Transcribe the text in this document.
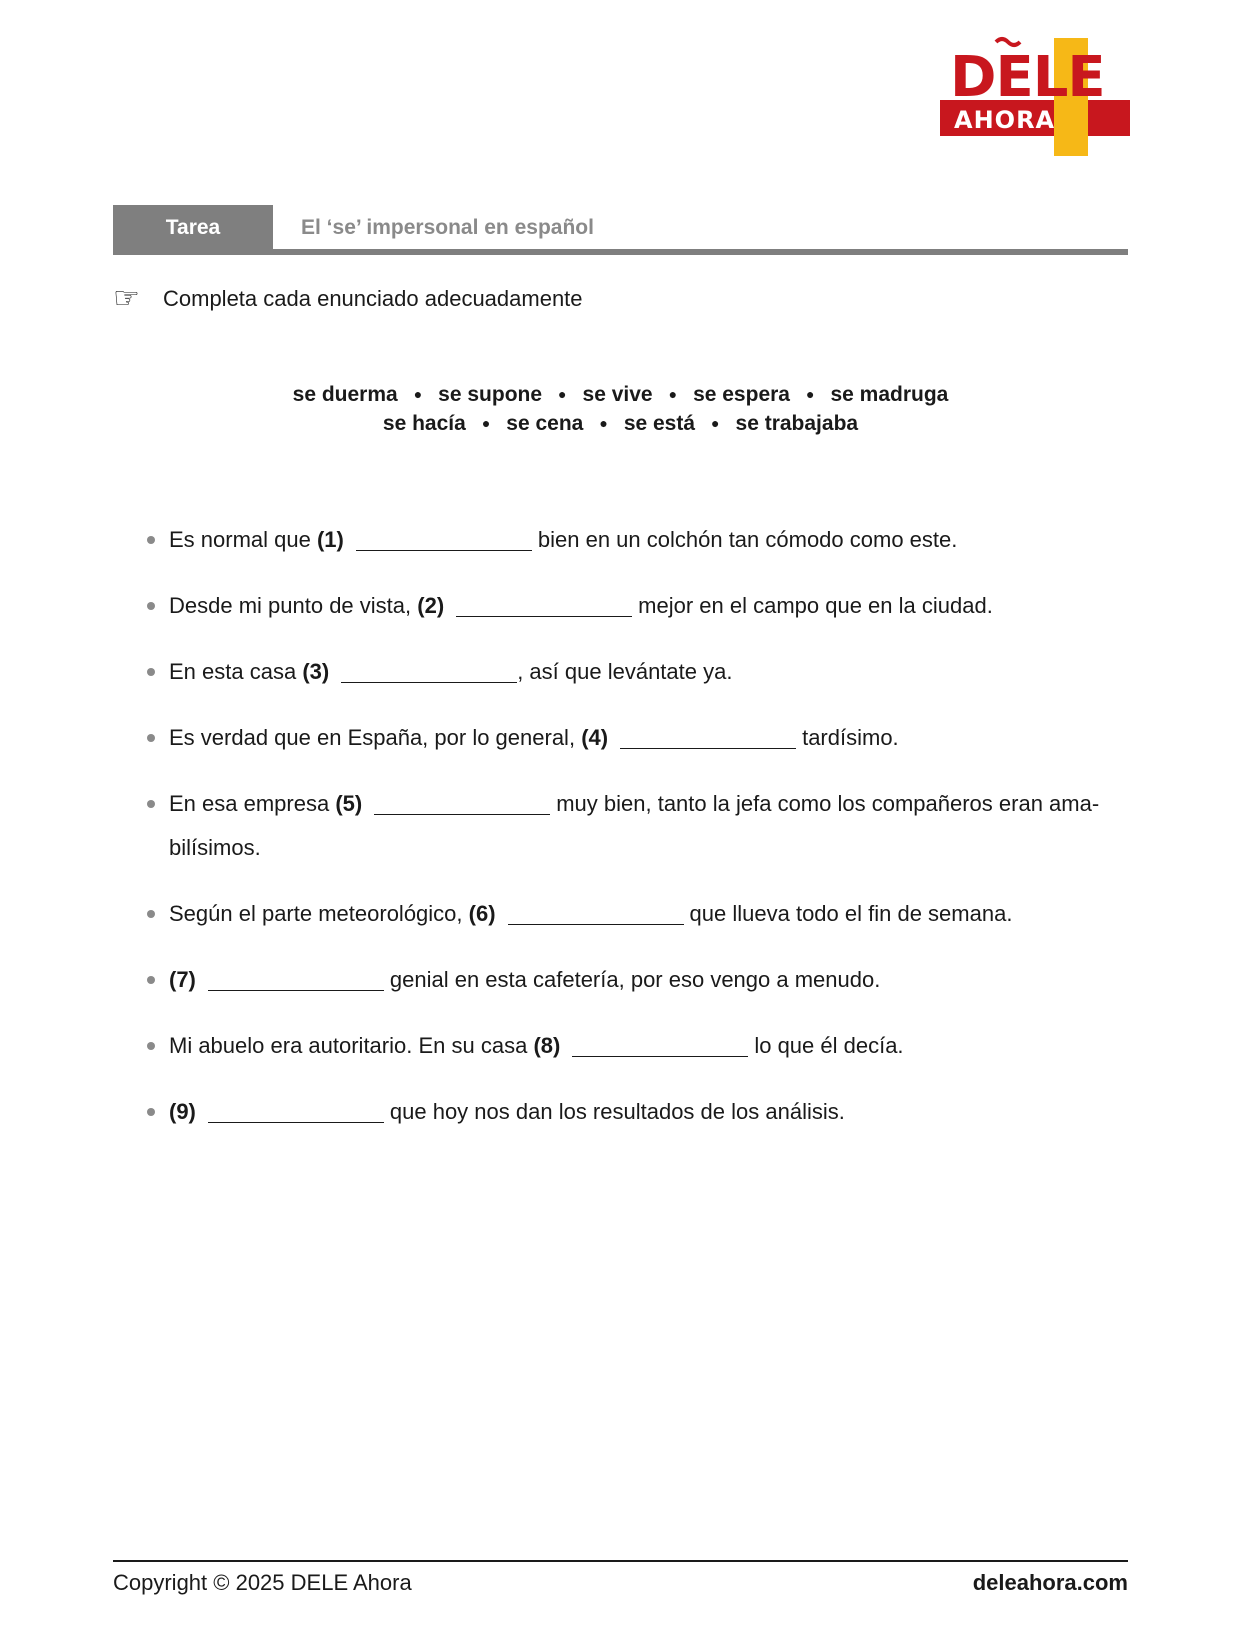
DELE
AHORA
Tarea	El ‘se’ impersonal en español
☞	Completa cada enunciado adecuadamente
se duerma ● se supone ● se vive ● se espera ● se madruga
se hacía ● se cena ● se está ● se trabajaba
Es normal que (1)	bien en un colchón tan cómodo como este.
Desde mi punto de vista, (2)	mejor en el campo que en la ciudad.
En esta casa (3)	, así que levántate ya.
Es verdad que en España, por lo general, (4)	tardísimo.
En esa empresa (5)	muy bien, tanto la jefa como los compañeros eran ama-bilísimos.
Según el parte meteorológico, (6)	que llueva todo el fin de semana.
(7)	genial en esta cafetería, por eso vengo a menudo.
Mi abuelo era autoritario. En su casa (8)	lo que él decía.
(9)	que hoy nos dan los resultados de los análisis.
Copyright © 2025 DELE Ahora	deleahora.com
